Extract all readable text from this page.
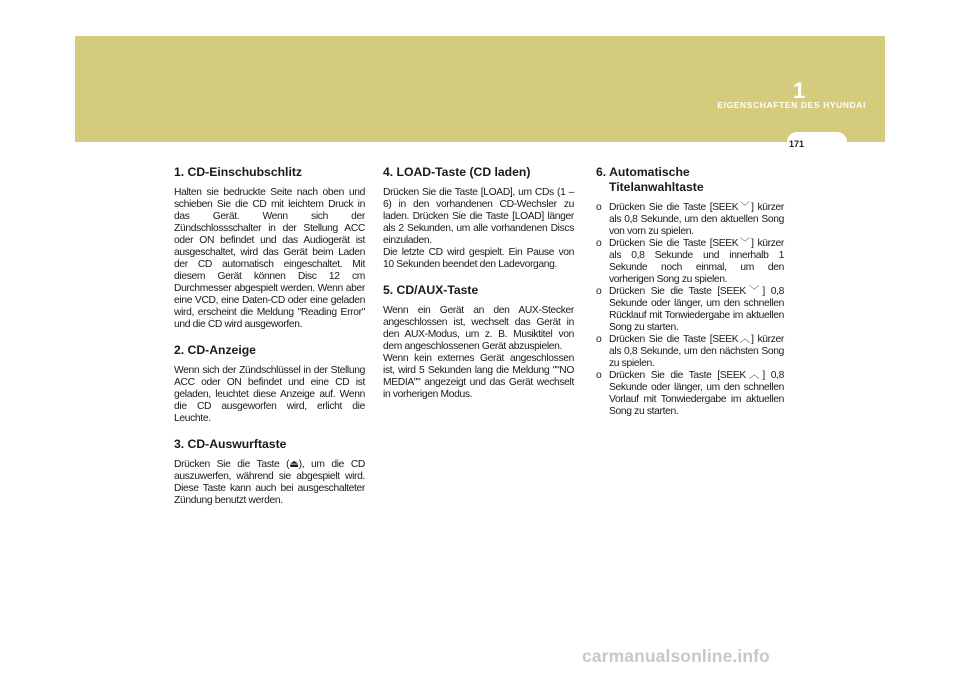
EIGENSCHAFTEN DES HYUNDAI
1
171
1. CD-Einschubschlitz
Halten sie bedruckte Seite nach oben und schieben Sie die CD mit leichtem Druck in das Gerät. Wenn sich der Zündschlossschalter in der Stellung ACC oder ON befindet und das Audiogerät ist ausgeschaltet, wird das Gerät beim Laden der CD automatisch eingeschaltet. Mit diesem Gerät können Disc 12 cm Durchmesser abgespielt werden. Wenn aber eine VCD, eine Daten-CD oder eine geladen wird, erscheint die Meldung "Reading Error" und die CD wird ausgeworfen.
2. CD-Anzeige
Wenn sich der Zündschlüssel in der Stellung ACC oder ON befindet und eine CD ist geladen, leuchtet diese Anzeige auf. Wenn die CD ausgeworfen wird, erlicht die Leuchte.
3. CD-Auswurftaste
Drücken Sie die Taste (⏏), um die CD auszuwerfen, während sie abgespielt wird. Diese Taste kann auch bei ausgeschalteter Zündung benutzt werden.
4. LOAD-Taste (CD laden)
Drücken Sie die Taste [LOAD], um CDs (1 – 6) in den vorhandenen CD-Wechsler zu laden. Drücken Sie die Taste [LOAD] länger als 2 Sekunden, um alle vorhandenen Discs einzuladen.
Die letzte CD wird gespielt. Ein Pause von 10 Sekunden beendet den Ladevorgang.
5. CD/AUX-Taste
Wenn ein Gerät an den AUX-Stecker angeschlossen ist, wechselt das Gerät in den AUX-Modus, um z. B. Musiktitel von dem angeschlossenen Gerät abzuspielen.
Wenn kein externes Gerät angeschlossen ist, wird 5 Sekunden lang die Meldung ""NO MEDIA"" angezeigt und das Gerät wechselt in vorherigen Modus.
6. Automatische
Titelanwahltaste
o Drücken Sie die Taste [SEEK﹀] kürzer als 0,8 Sekunde, um den aktuellen Song von vorn zu spielen.
o Drücken Sie die Taste [SEEK﹀] kürzer als 0,8 Sekunde und innerhalb 1 Sekunde noch einmal, um den vorherigen Song zu spielen.
o Drücken Sie die Taste [SEEK﹀] 0,8 Sekunde oder länger, um den schnellen Rücklauf mit Tonwiedergabe im aktuellen Song zu starten.
o Drücken Sie die Taste [SEEK︿] kürzer als 0,8 Sekunde, um den nächsten Song zu spielen.
o Drücken Sie die Taste [SEEK︿] 0,8 Sekunde oder länger, um den schnellen Vorlauf mit Tonwiedergabe im aktuellen Song zu starten.
carmanualsonline.info
